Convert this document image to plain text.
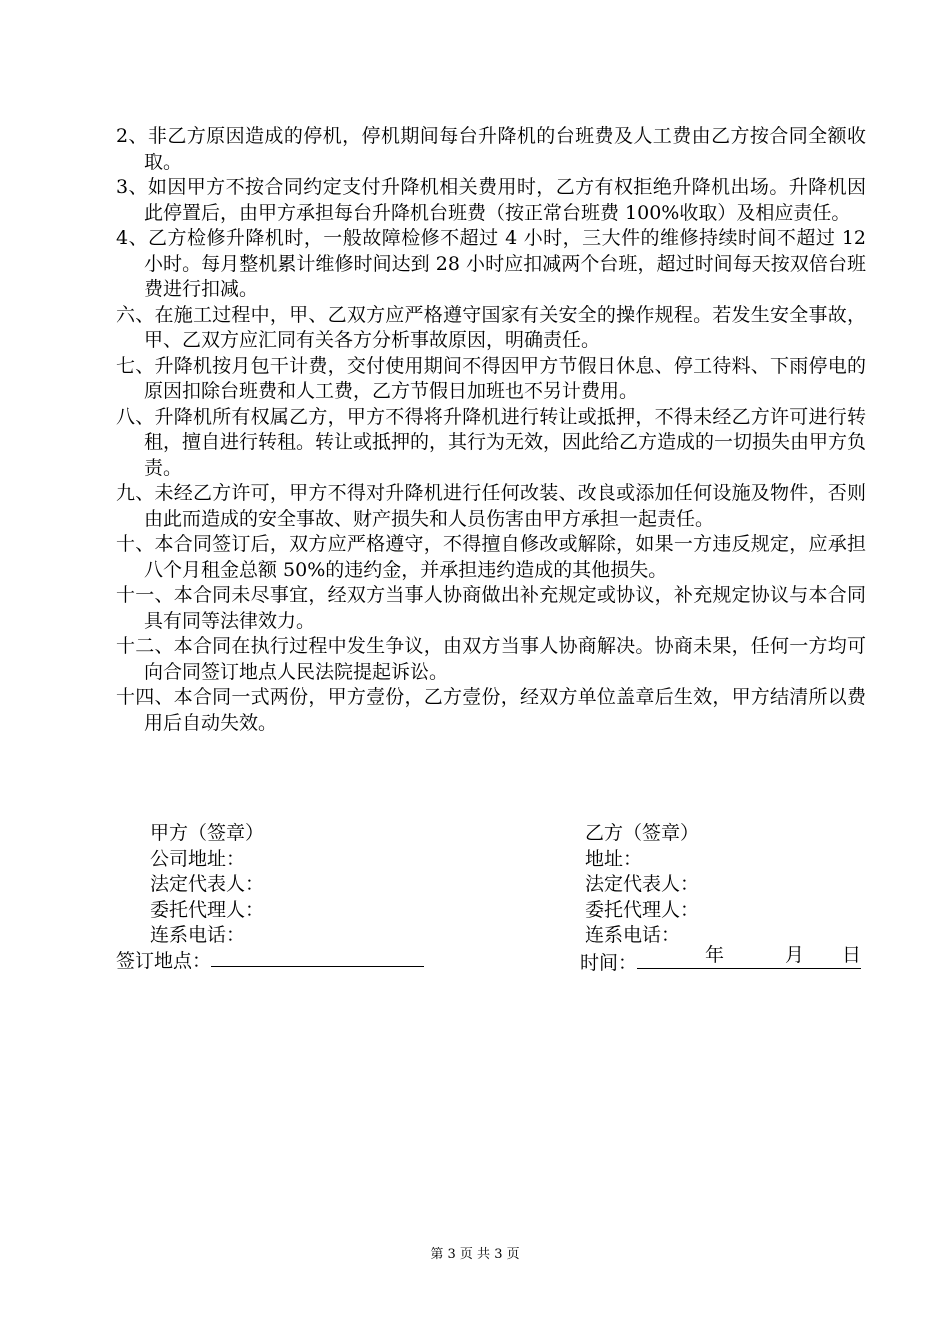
2、非乙方原因造成的停机，停机期间每台升降机的台班费及人工费由乙方按合同全额收取。

3、如因甲方不按合同约定支付升降机相关费用时，乙方有权拒绝升降机出场。升降机因此停置后，由甲方承担每台升降机台班费（按正常台班费 100%收取）及相应责任。

4、乙方检修升降机时，一般故障检修不超过 4 小时，三大件的维修持续时间不超过 12 小时。每月整机累计维修时间达到 28 小时应扣减两个台班，超过时间每天按双倍台班费进行扣减。

六、在施工过程中，甲、乙双方应严格遵守国家有关安全的操作规程。若发生安全事故，甲、乙双方应汇同有关各方分析事故原因，明确责任。

七、升降机按月包干计费，交付使用期间不得因甲方节假日休息、停工待料、下雨停电的原因扣除台班费和人工费，乙方节假日加班也不另计费用。

八、升降机所有权属乙方，甲方不得将升降机进行转让或抵押，不得未经乙方许可进行转租，擅自进行转租。转让或抵押的，其行为无效，因此给乙方造成的一切损失由甲方负责。

九、未经乙方许可，甲方不得对升降机进行任何改装、改良或添加任何设施及物件，否则由此而造成的安全事故、财产损失和人员伤害由甲方承担一起责任。

十、本合同签订后，双方应严格遵守，不得擅自修改或解除，如果一方违反规定，应承担八个月租金总额 50%的违约金，并承担违约造成的其他损失。

十一、本合同未尽事宜，经双方当事人协商做出补充规定或协议，补充规定协议与本合同具有同等法律效力。

十二、本合同在执行过程中发生争议，由双方当事人协商解决。协商未果，任何一方均可向合同签订地点人民法院提起诉讼。

十四、本合同一式两份，甲方壹份，乙方壹份，经双方单位盖章后生效，甲方结清所以费用后自动失效。

甲方（签章）

公司地址：

法定代表人：

委托代理人：

连系电话：

乙方（签章）

地址：

法定代表人：

委托代理人：

连系电话：

签订地点：	时间：	年	月 日
第 3 页 共 3 页
